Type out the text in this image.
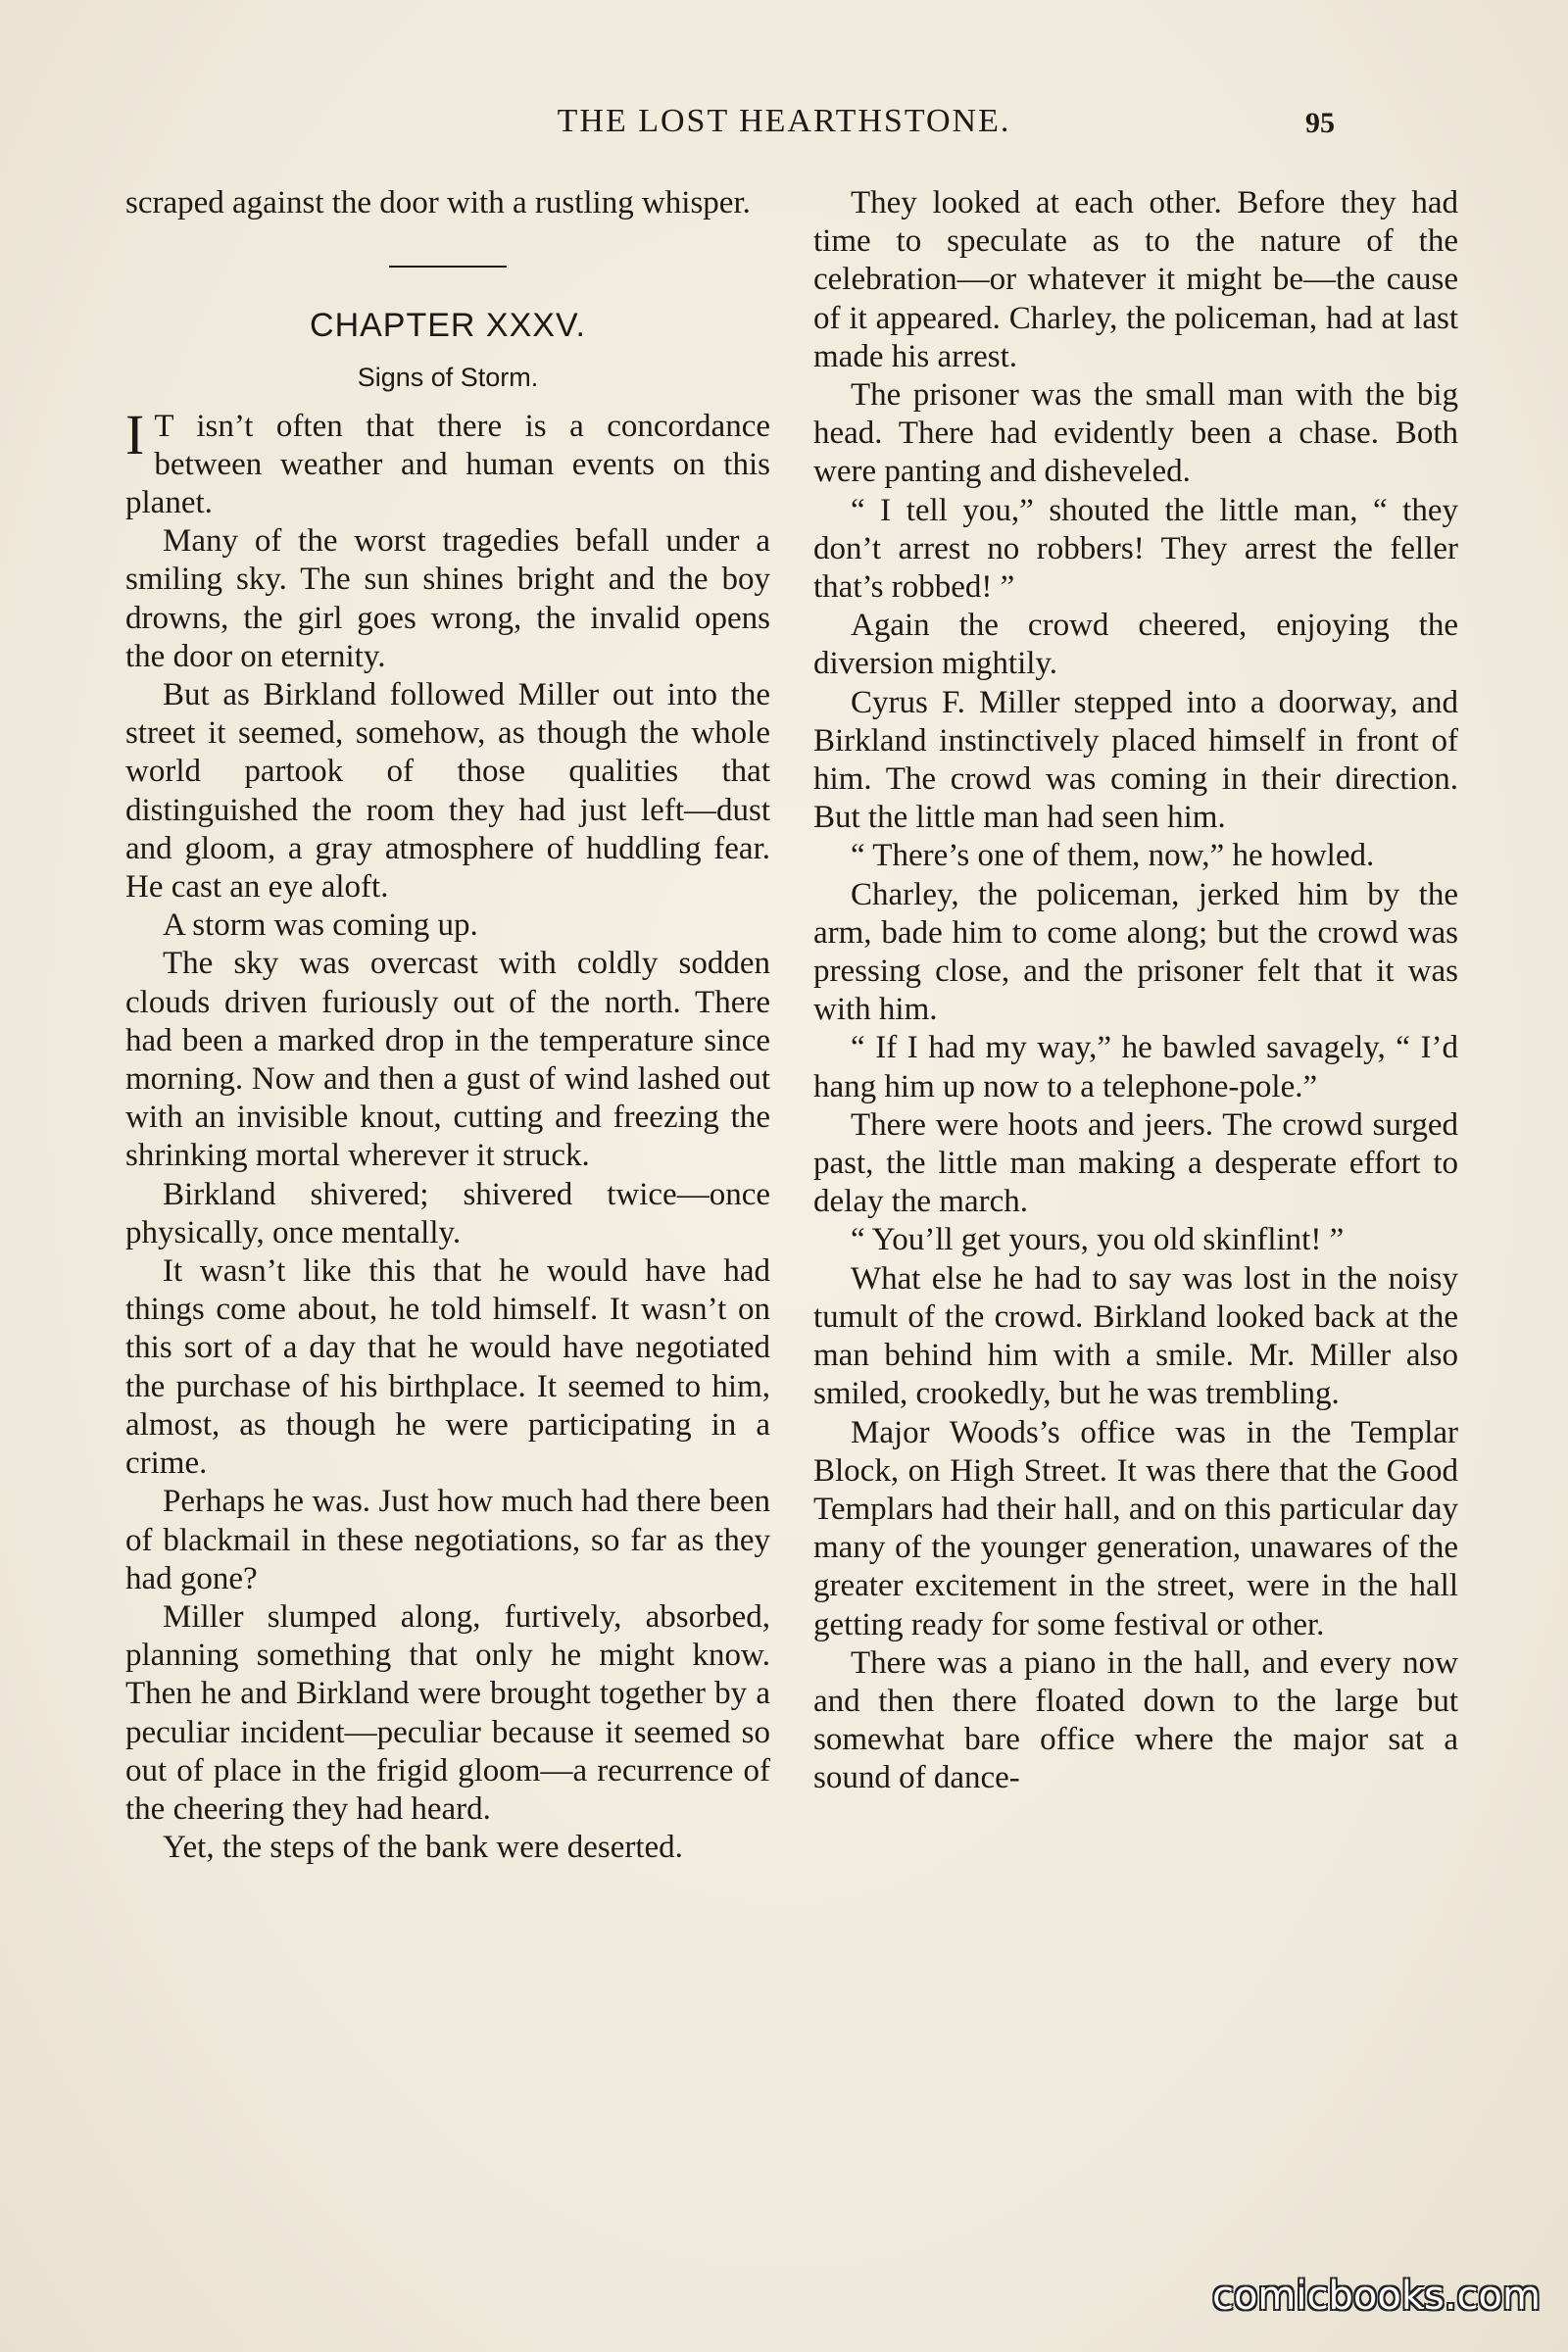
THE LOST HEARTHSTONE.	95

scraped against the door with a rustling whisper.

CHAPTER XXXV.
Signs of Storm.

I T isn’t often that there is a concordance between weather and human events on this planet.

Many of the worst tragedies befall under a smiling sky. The sun shines bright and the boy drowns, the girl goes wrong, the invalid opens the door on eternity.

But as Birkland followed Miller out into the street it seemed, somehow, as though the whole world partook of those qualities that distinguished the room they had just left—dust and gloom, a gray atmosphere of huddling fear. He cast an eye aloft.

A storm was coming up.

The sky was overcast with coldly sodden clouds driven furiously out of the north. There had been a marked drop in the temperature since morning. Now and then a gust of wind lashed out with an invisible knout, cutting and freezing the shrinking mortal wherever it struck.

Birkland shivered; shivered twice—once physically, once mentally.

It wasn’t like this that he would have had things come about, he told himself. It wasn’t on this sort of a day that he would have negotiated the purchase of his birthplace. It seemed to him, almost, as though he were participating in a crime.

Perhaps he was. Just how much had there been of blackmail in these negotiations, so far as they had gone?

Miller slumped along, furtively, absorbed, planning something that only he might know. Then he and Birkland were brought together by a peculiar incident—peculiar because it seemed so out of place in the frigid gloom—a recurrence of the cheering they had heard.

Yet, the steps of the bank were deserted.

They looked at each other. Before they had time to speculate as to the nature of the celebration—or whatever it might be—the cause of it appeared. Charley, the policeman, had at last made his arrest.

The prisoner was the small man with the big head. There had evidently been a chase. Both were panting and disheveled.

“ I tell you,” shouted the little man, “ they don’t arrest no robbers! They arrest the feller that’s robbed! ”

Again the crowd cheered, enjoying the diversion mightily.

Cyrus F. Miller stepped into a doorway, and Birkland instinctively placed himself in front of him. The crowd was coming in their direction. But the little man had seen him.

“ There’s one of them, now,” he howled.

Charley, the policeman, jerked him by the arm, bade him to come along; but the crowd was pressing close, and the prisoner felt that it was with him.

“ If I had my way,” he bawled savagely, “ I’d hang him up now to a telephone-pole.”

There were hoots and jeers. The crowd surged past, the little man making a desperate effort to delay the march.

“ You’ll get yours, you old skinflint! ”

What else he had to say was lost in the noisy tumult of the crowd. Birkland looked back at the man behind him with a smile. Mr. Miller also smiled, crookedly, but he was trembling.

Major Woods’s office was in the Templar Block, on High Street. It was there that the Good Templars had their hall, and on this particular day many of the younger generation, unawares of the greater excitement in the street, were in the hall getting ready for some festival or other.

There was a piano in the hall, and every now and then there floated down to the large but somewhat bare office where the major sat a sound of dance-

comicbooks.com
